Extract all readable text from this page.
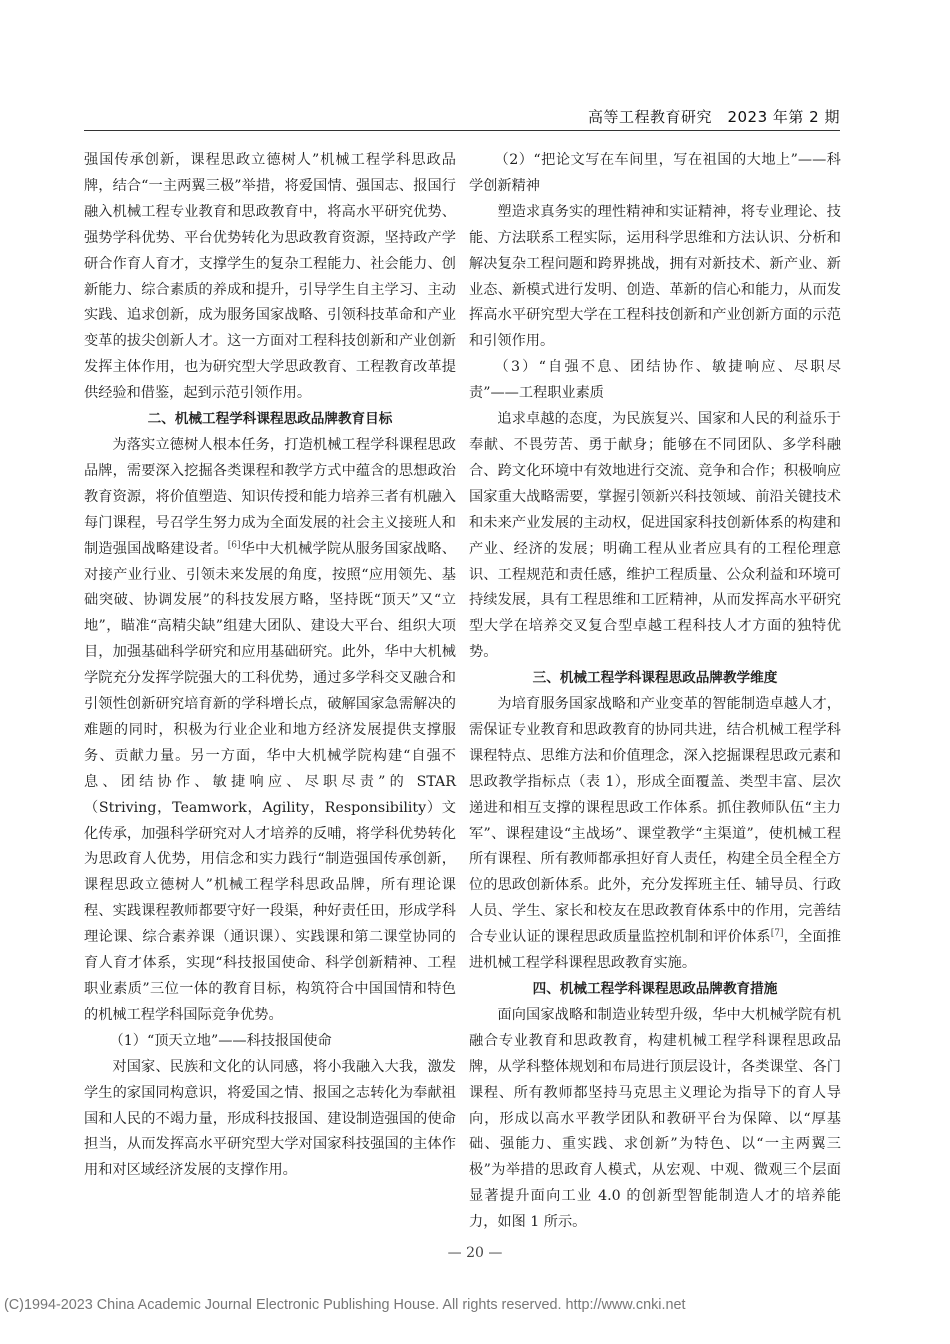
高等工程教育研究　2023 年第 2 期

强国传承创新，课程思政立德树人”机械工程学科思政品牌，结合“一主两翼三极”举措，将爱国情、强国志、报国行融入机械工程专业教育和思政教育中，将高水平研究优势、强势学科优势、平台优势转化为思政教育资源，坚持政产学研合作育人育才，支撑学生的复杂工程能力、社会能力、创新能力、综合素质的养成和提升，引导学生自主学习、主动实践、追求创新，成为服务国家战略、引领科技革命和产业变革的拔尖创新人才。这一方面对工程科技创新和产业创新发挥主体作用，也为研究型大学思政教育、工程教育改革提供经验和借鉴，起到示范引领作用。

二、机械工程学科课程思政品牌教育目标

为落实立德树人根本任务，打造机械工程学科课程思政品牌，需要深入挖掘各类课程和教学方式中蕴含的思想政治教育资源，将价值塑造、知识传授和能力培养三者有机融入每门课程，号召学生努力成为全面发展的社会主义接班人和制造强国战略建设者。[6]华中大机械学院从服务国家战略、对接产业行业、引领未来发展的角度，按照“应用领先、基础突破、协调发展”的科技发展方略，坚持既“顶天”又“立地”，瞄准“高精尖缺”组建大团队、建设大平台、组织大项目，加强基础科学研究和应用基础研究。此外，华中大机械学院充分发挥学院强大的工科优势，通过多学科交叉融合和引领性创新研究培育新的学科增长点，破解国家急需解决的难题的同时，积极为行业企业和地方经济发展提供支撑服务、贡献力量。另一方面，华中大机械学院构建“自强不息、团结协作、敏捷响应、尽职尽责”的 STAR（Striving，Teamwork，Agility，Responsibility）文化传承，加强科学研究对人才培养的反哺，将学科优势转化为思政育人优势，用信念和实力践行“制造强国传承创新，课程思政立德树人”机械工程学科思政品牌，所有理论课程、实践课程教师都要守好一段渠，种好责任田，形成学科理论课、综合素养课（通识课）、实践课和第二课堂协同的育人育才体系，实现“科技报国使命、科学创新精神、工程职业素质”三位一体的教育目标，构筑符合中国国情和特色的机械工程学科国际竞争优势。

（1）“顶天立地”——科技报国使命

对国家、民族和文化的认同感，将小我融入大我，激发学生的家国同构意识，将爱国之情、报国之志转化为奉献祖国和人民的不竭力量，形成科技报国、建设制造强国的使命担当，从而发挥高水平研究型大学对国家科技强国的主体作用和对区域经济发展的支撑作用。

（2）“把论文写在车间里，写在祖国的大地上”——科学创新精神

塑造求真务实的理性精神和实证精神，将专业理论、技能、方法联系工程实际，运用科学思维和方法认识、分析和解决复杂工程问题和跨界挑战，拥有对新技术、新产业、新业态、新模式进行发明、创造、革新的信心和能力，从而发挥高水平研究型大学在工程科技创新和产业创新方面的示范和引领作用。

（3）“自强不息、团结协作、敏捷响应、尽职尽责”——工程职业素质

追求卓越的态度，为民族复兴、国家和人民的利益乐于奉献、不畏劳苦、勇于献身；能够在不同团队、多学科融合、跨文化环境中有效地进行交流、竞争和合作；积极响应国家重大战略需要，掌握引领新兴科技领域、前沿关键技术和未来产业发展的主动权，促进国家科技创新体系的构建和产业、经济的发展；明确工程从业者应具有的工程伦理意识、工程规范和责任感，维护工程质量、公众利益和环境可持续发展，具有工程思维和工匠精神，从而发挥高水平研究型大学在培养交叉复合型卓越工程科技人才方面的独特优势。

三、机械工程学科课程思政品牌教学维度

为培育服务国家战略和产业变革的智能制造卓越人才，需保证专业教育和思政教育的协同共进，结合机械工程学科课程特点、思维方法和价值理念，深入挖掘课程思政元素和思政教学指标点（表 1），形成全面覆盖、类型丰富、层次递进和相互支撑的课程思政工作体系。抓住教师队伍“主力军”、课程建设“主战场”、课堂教学“主渠道”，使机械工程所有课程、所有教师都承担好育人责任，构建全员全程全方位的思政创新体系。此外，充分发挥班主任、辅导员、行政人员、学生、家长和校友在思政教育体系中的作用，完善结合专业认证的课程思政质量监控机制和评价体系[7]，全面推进机械工程学科课程思政教育实施。

四、机械工程学科课程思政品牌教育措施

面向国家战略和制造业转型升级，华中大机械学院有机融合专业教育和思政教育，构建机械工程学科课程思政品牌，从学科整体规划和布局进行顶层设计，各类课堂、各门课程、所有教师都坚持马克思主义理论为指导下的育人导向，形成以高水平教学团队和教研平台为保障、以“厚基础、强能力、重实践、求创新”为特色、以“一主两翼三极”为举措的思政育人模式，从宏观、中观、微观三个层面显著提升面向工业 4.0 的创新型智能制造人才的培养能力，如图 1 所示。

— 20 —
(C)1994-2023 China Academic Journal Electronic Publishing House. All rights reserved. http://www.cnki.net
